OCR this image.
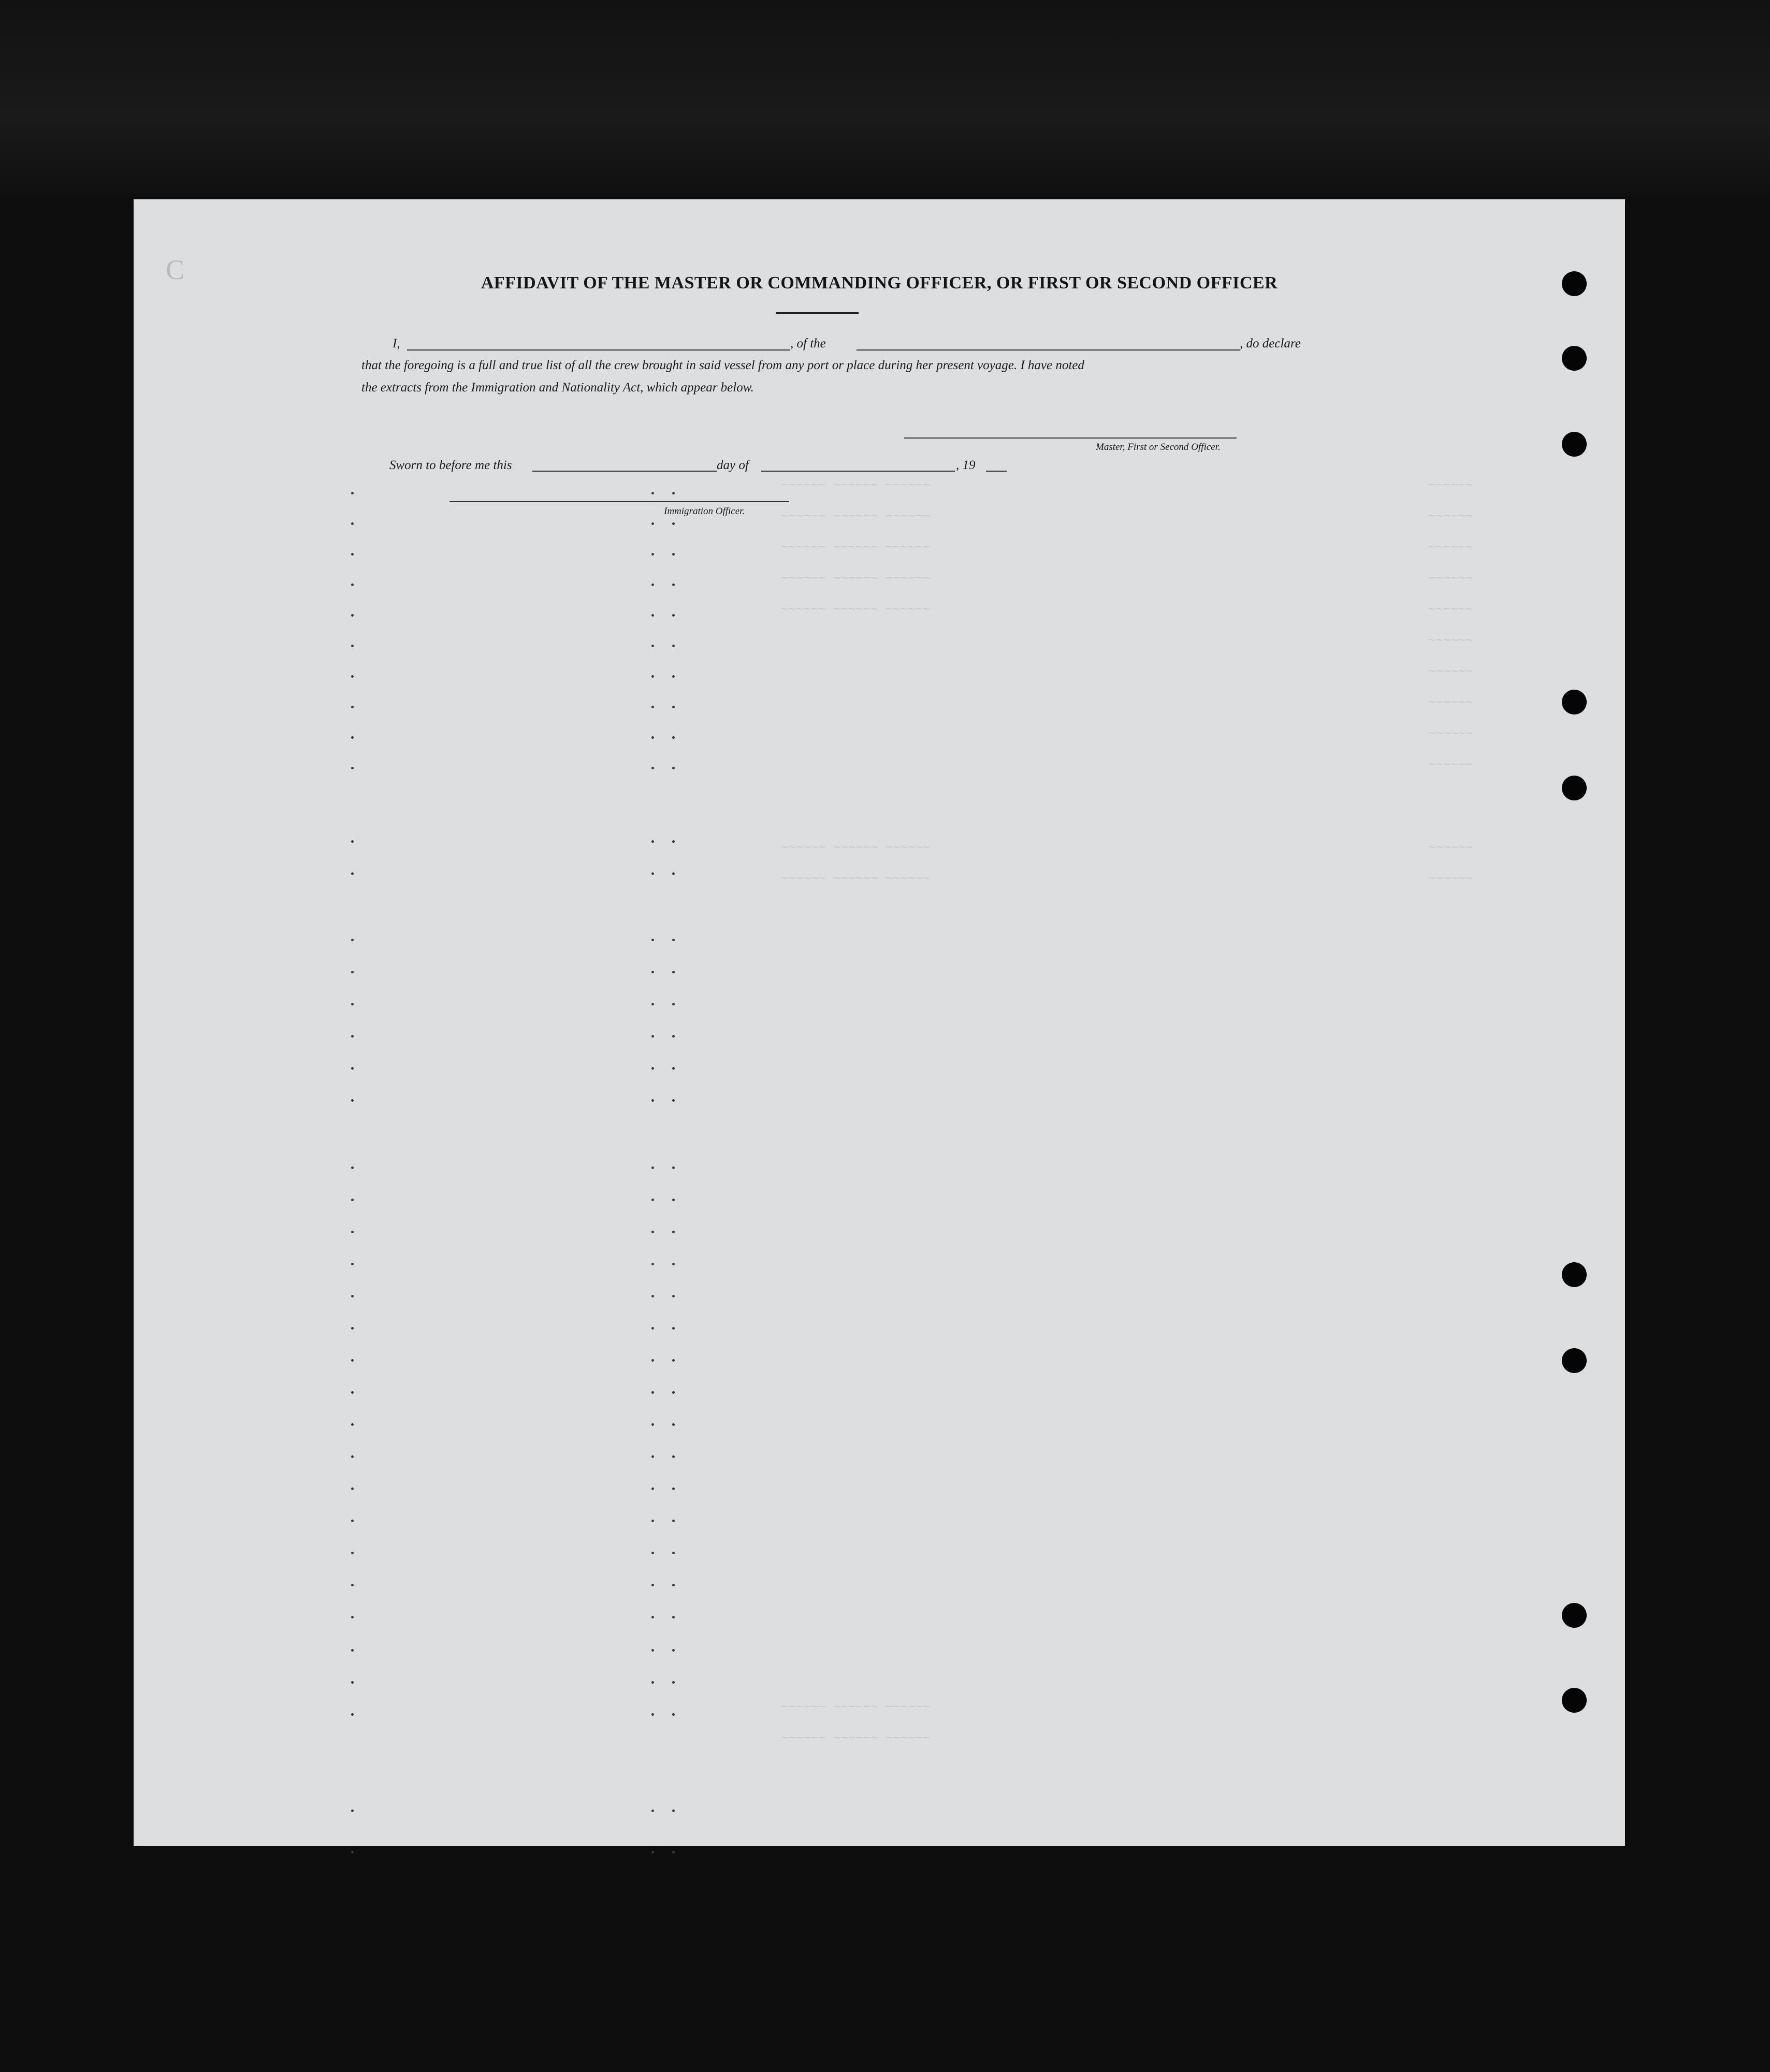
C	AFFIDAVIT OF THE MASTER OR COMMANDING OFFICER, OR FIRST OR SECOND OFFICER
I,	, of the	, do declare
that the foregoing is a full and true list of all the crew brought in said vessel from any port or place during her present voyage. I have noted
the extracts from the Immigration and Nationality Act, which appear below.
Master, First or Second Officer.
Sworn to before me this	day of	, 19
Immigration Officer.
~~~~~~
~~~~~~
~~~~~~
~~~~~~
~~~~~~
~~~~~~
~~~~~~
~~~~~~
~~~~~~
~~~~~~
~~~~~~
~~~~~~
~~~~~~ ~~~~~~ ~~~~~~
~~~~~~ ~~~~~~ ~~~~~~
~~~~~~ ~~~~~~ ~~~~~~
~~~~~~ ~~~~~~ ~~~~~~
~~~~~~ ~~~~~~ ~~~~~~
~~~~~~ ~~~~~~ ~~~~~~
~~~~~~ ~~~~~~ ~~~~~~
~~~~~~ ~~~~~~ ~~~~~~
~~~~~~ ~~~~~~ ~~~~~~
